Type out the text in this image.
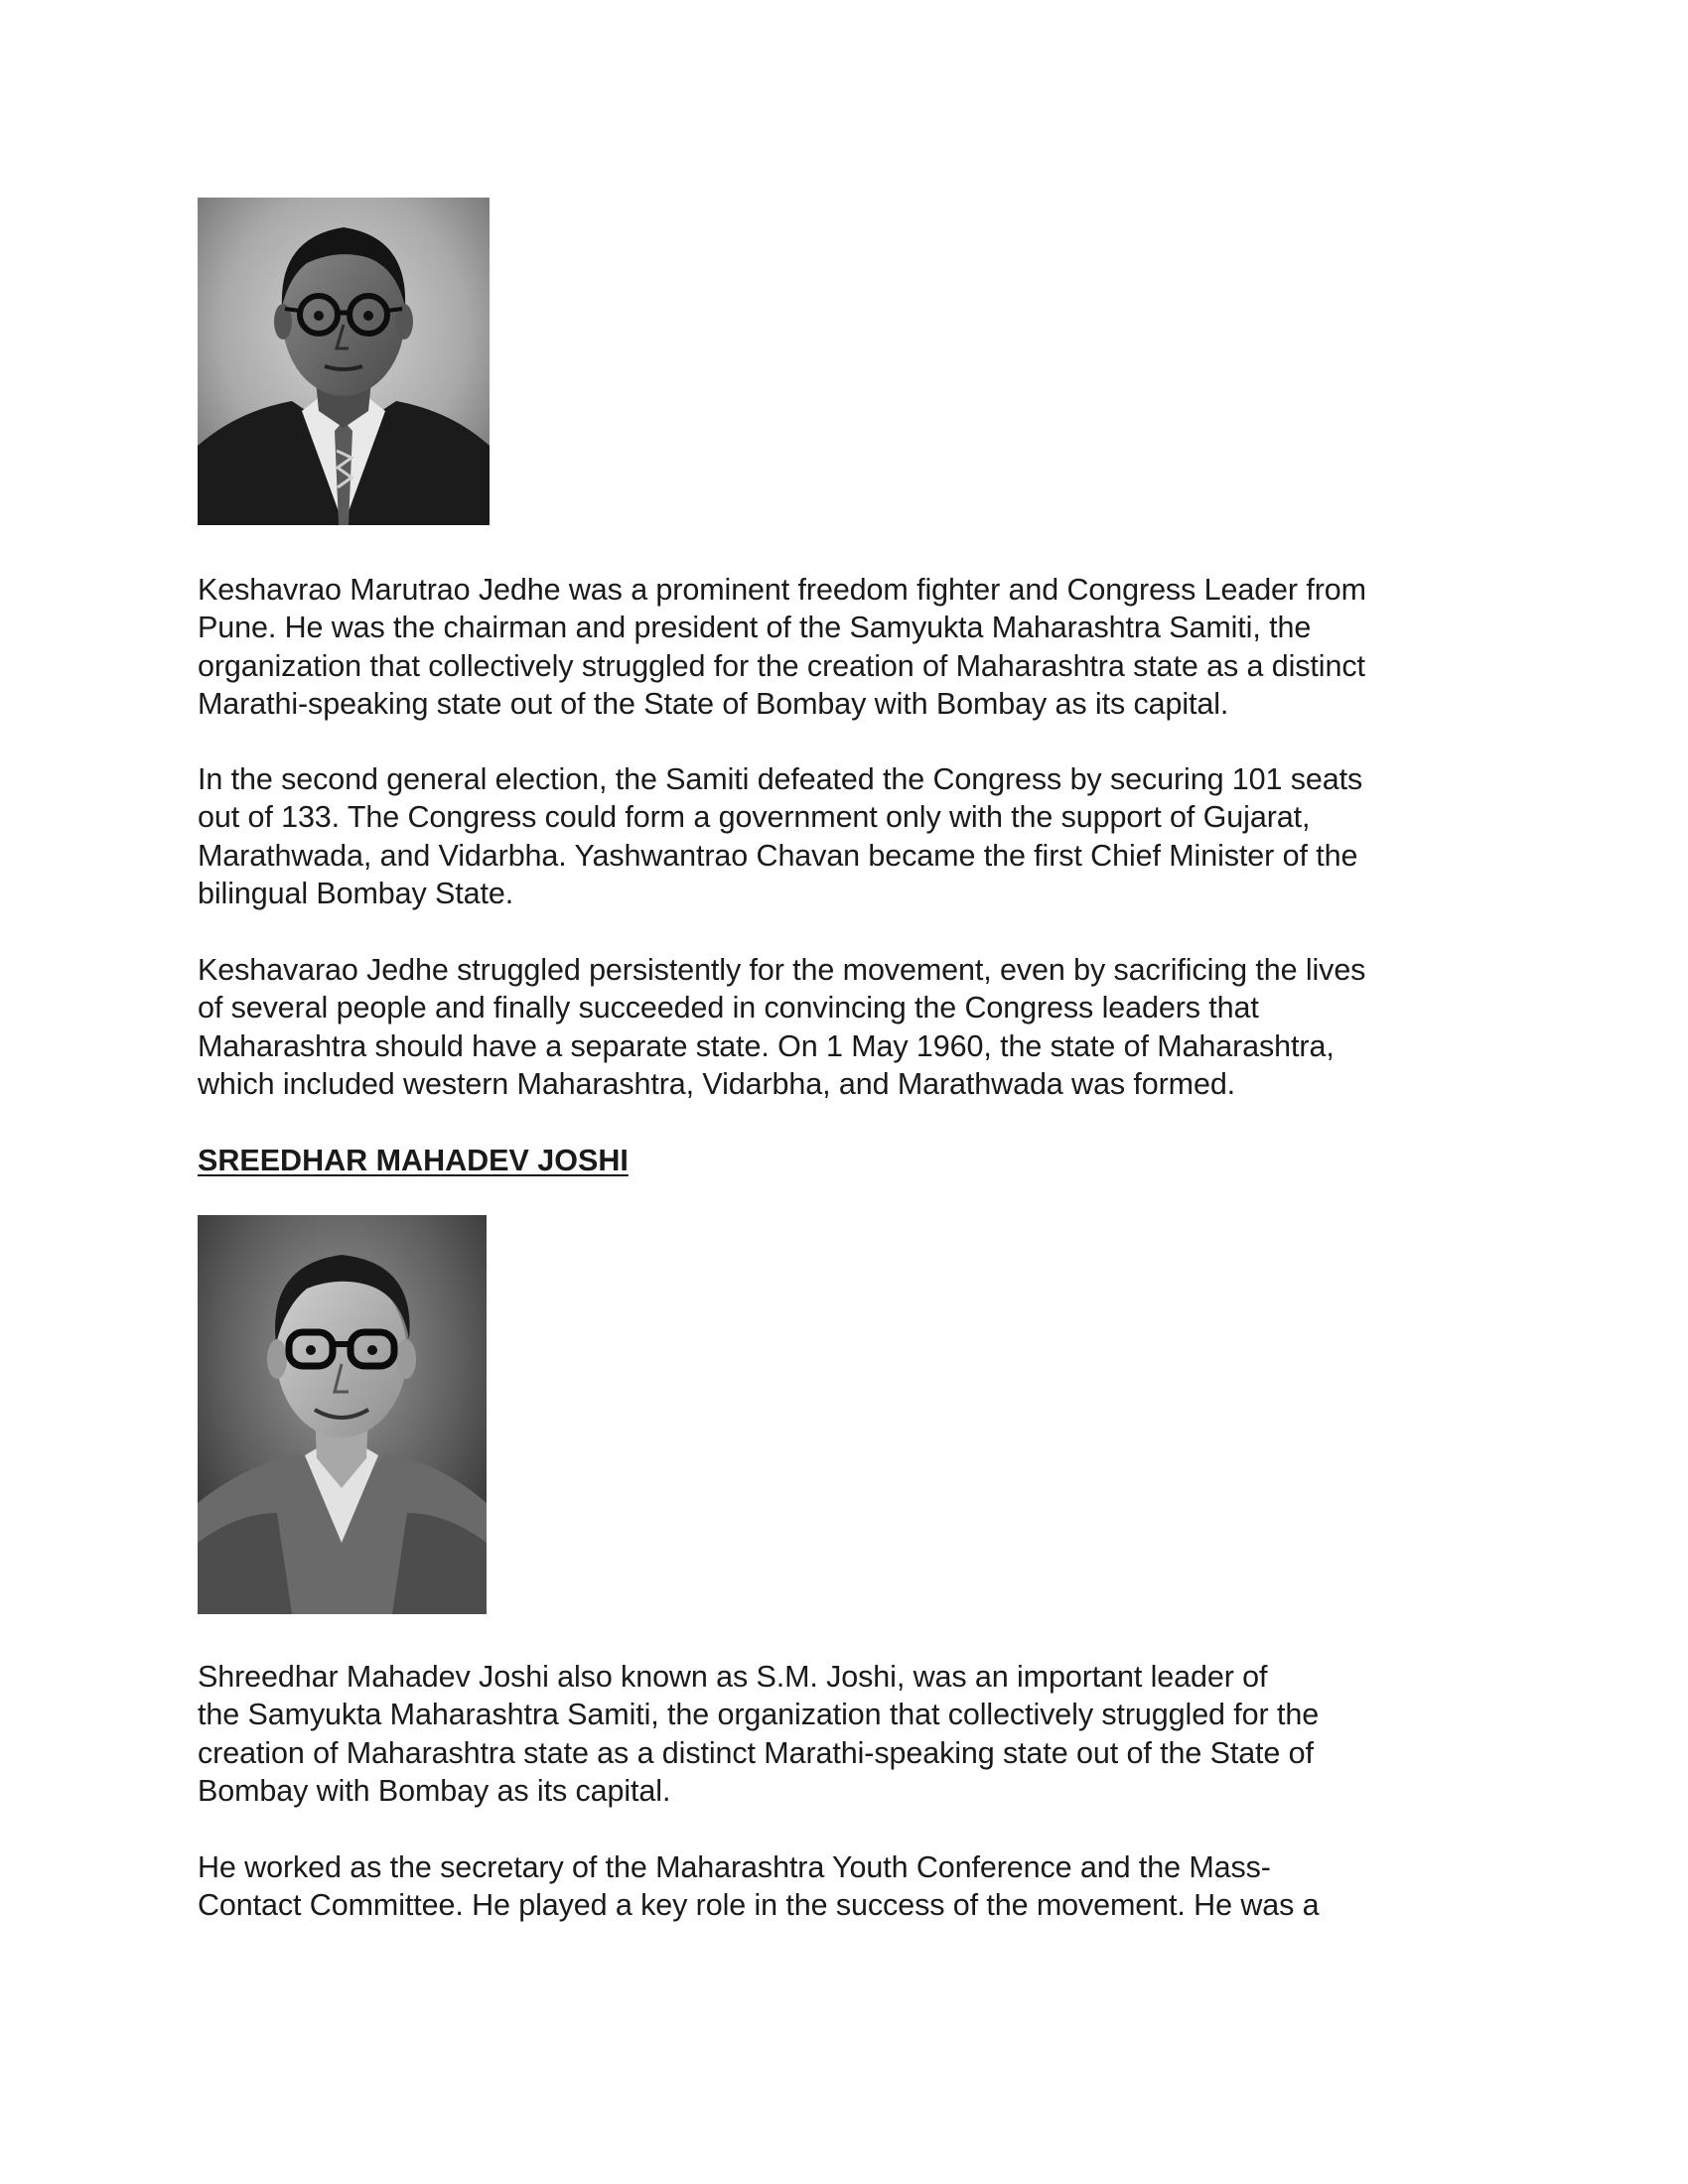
Keshavrao Marutrao Jedhe was a prominent freedom fighter and Congress Leader from
Pune. He was the chairman and president of the Samyukta Maharashtra Samiti, the
organization that collectively struggled for the creation of Maharashtra state as a distinct
Marathi-speaking state out of the State of Bombay with Bombay as its capital.

In the second general election, the Samiti defeated the Congress by securing 101 seats
out of 133. The Congress could form a government only with the support of Gujarat,
Marathwada, and Vidarbha. Yashwantrao Chavan became the first Chief Minister of the
bilingual Bombay State.

Keshavarao Jedhe struggled persistently for the movement, even by sacrificing the lives
of several people and finally succeeded in convincing the Congress leaders that
Maharashtra should have a separate state. On 1 May 1960, the state of Maharashtra,
which included western Maharashtra, Vidarbha, and Marathwada was formed.

SREEDHAR MAHADEV JOSHI

Shreedhar Mahadev Joshi also known as S.M. Joshi, was an important leader of
the Samyukta Maharashtra Samiti, the organization that collectively struggled for the
creation of Maharashtra state as a distinct Marathi-speaking state out of the State of
Bombay with Bombay as its capital.

He worked as the secretary of the Maharashtra Youth Conference and the Mass-
Contact Committee. He played a key role in the success of the movement. He was a
